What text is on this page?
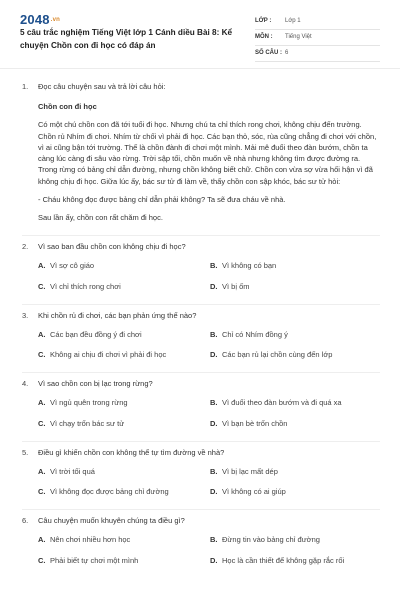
2048.vn
5 câu trắc nghiệm Tiếng Việt lớp 1 Cánh diều Bài 8: Kể chuyện Chồn con đi học có đáp án
LỚP :	Lớp 1
MÔN :	Tiếng Việt
SỐ CÂU : 6
1.	Đọc câu chuyện sau và trả lời câu hỏi:

Chồn con đi học

Có một chú chồn con đã tới tuổi đi học. Nhưng chú ta chỉ thích rong chơi, không chịu đến trường. Chồn rủ Nhím đi chơi. Nhím từ chối vì phải đi học. Các bạn thỏ, sóc, rùa cũng chẳng đi chơi với chồn, vì ai cũng bận tới trường. Thế là chồn đành đi chơi một mình. Mải mê đuổi theo đàn bướm, chồn ta càng lúc càng đi sâu vào rừng. Trời sập tối, chồn muốn về nhà nhưng không tìm được đường ra. Trong rừng có bảng chỉ dẫn đường, nhưng chồn không biết chữ. Chồn con vừa sợ vừa hối hận vì đã không chịu đi học. Giữa lúc ấy, bác sư tử đi làm về, thấy chồn con sập khóc, bác sư tử hỏi:

- Cháu không đọc được bảng chỉ dẫn phải không? Ta sẽ đưa cháu về nhà.

Sau lần ấy, chồn con rất chăm đi học.

2.	Vì sao ban đầu chồn con không chịu đi học?
A. Vì sợ cô giáo	B. Vì không có bạn
C. Vì chỉ thích rong chơi	D. Vì bị ốm
3.	Khi chồn rủ đi chơi, các bạn phản ứng thế nào?
A. Các bạn đều đồng ý đi chơi	B. Chỉ có Nhím đồng ý
C. Không ai chịu đi chơi vì phải đi học	D. Các bạn rủ lại chồn cùng đến lớp
4.	Vì sao chồn con bị lạc trong rừng?
A. Vì ngủ quên trong rừng	B. Vì đuổi theo đàn bướm và đi quá xa
C. Vì chạy trốn bác sư tử	D. Vì bạn bè trốn chồn
5.	Điều gì khiến chồn con không thể tự tìm đường về nhà?
A. Vì trời tối quá	B. Vì bị lạc mất dép
C. Vì không đọc được bảng chỉ đường	D. Vì không có ai giúp
6.	Câu chuyện muốn khuyên chúng ta điều gì?
A. Nên chơi nhiều hơn học	B. Đừng tin vào bảng chỉ đường
C. Phải biết tự chơi một mình	D. Học là cần thiết để không gặp rắc rối
